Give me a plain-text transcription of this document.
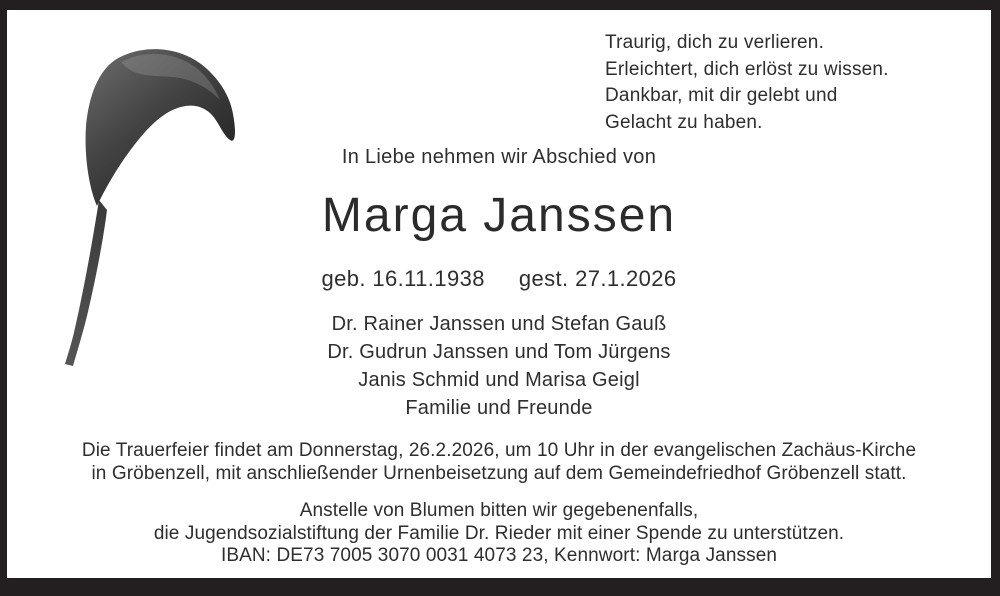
Traurig, dich zu verlieren.
Erleichtert, dich erlöst zu wissen.
Dankbar, mit dir gelebt und
Gelacht zu haben.
In Liebe nehmen wir Abschied von
Marga Janssen
geb. 16.11.1938 gest. 27.1.2026
Dr. Rainer Janssen und Stefan Gauß
Dr. Gudrun Janssen und Tom Jürgens
Janis Schmid und Marisa Geigl
Familie und Freunde
Die Trauerfeier findet am Donnerstag, 26.2.2026, um 10 Uhr in der evangelischen Zachäus-Kirche
in Gröbenzell, mit anschließender Urnenbeisetzung auf dem Gemeindefriedhof Gröbenzell statt.
Anstelle von Blumen bitten wir gegebenenfalls,
die Jugendsozialstiftung der Familie Dr. Rieder mit einer Spende zu unterstützen.
IBAN: DE73 7005 3070 0031 4073 23, Kennwort: Marga Janssen
